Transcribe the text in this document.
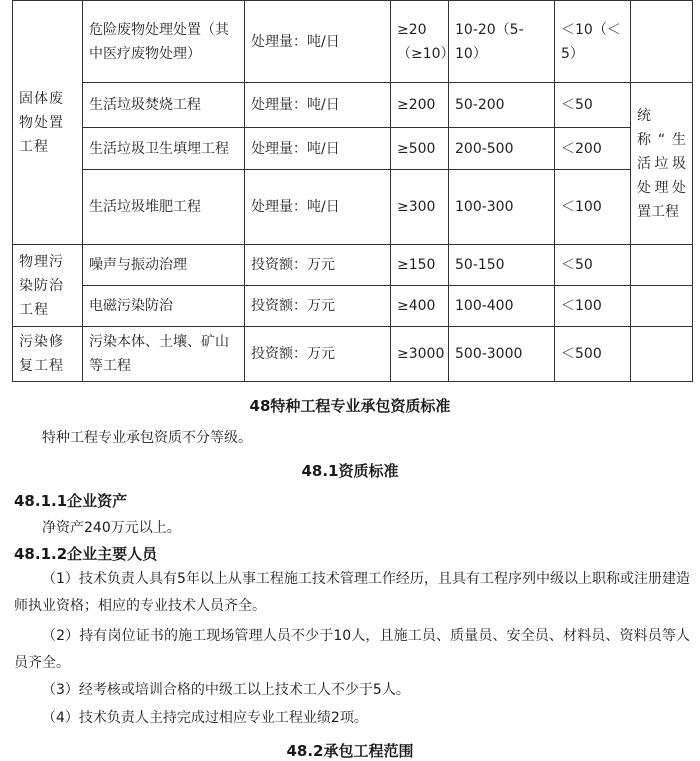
固体废物处置工程	危险废物处理处置（其中医疗废物处理）	处理量：吨/日	≥20（≥10）	10-20（5-10）	＜10（＜5）	
	生活垃圾焚烧工程	处理量：吨/日	≥200	50-200	＜50	统称“生活垃圾处理处置工程
	生活垃圾卫生填埋工程	处理量：吨/日	≥500	200-500	＜200	
	生活垃圾堆肥工程	处理量：吨/日	≥300	100-300	＜100	
物理污染防治工程	噪声与振动治理	投资额：万元	≥150	50-150	＜50	
	电磁污染防治	投资额：万元	≥400	100-400	＜100	
污染修复工程	污染本体、土壤、矿山等工程	投资额：万元	≥3000	500-3000	＜500	
48特种工程专业承包资质标准
特种工程专业承包资质不分等级。
48.1资质标准
48.1.1企业资产
净资产240万元以上。
48.1.2企业主要人员
（1）技术负责人具有5年以上从事工程施工技术管理工作经历，且具有工程序列中级以上职称或注册建造师执业资格；相应的专业技术人员齐全。
（2）持有岗位证书的施工现场管理人员不少于10人，且施工员、质量员、安全员、材料员、资料员等人员齐全。
（3）经考核或培训合格的中级工以上技术工人不少于5人。
（4）技术负责人主持完成过相应专业工程业绩2项。
48.2承包工程范围
